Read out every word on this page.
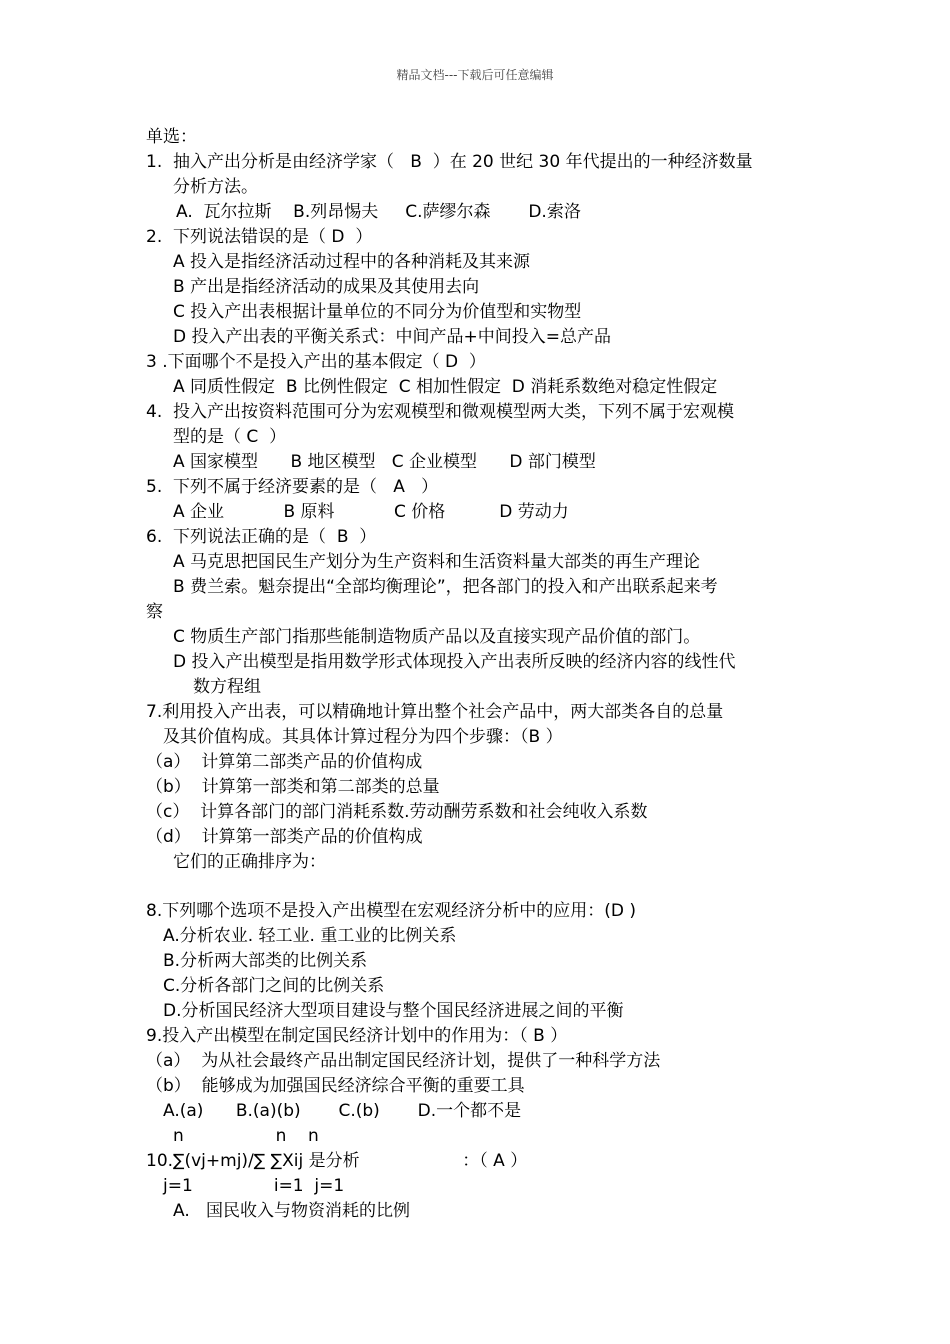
精品文档---下载后可任意编辑
单选：
1.  抽入产出分析是由经济学家（   B  ）在 20 世纪 30 年代提出的一种经济数量
分析方法。
A.  瓦尔拉斯    B.列昂惕夫     C.萨缪尔森       D.索洛
2.  下列说法错误的是（ D  ）
A 投入是指经济活动过程中的各种消耗及其来源
B 产出是指经济活动的成果及其使用去向
C 投入产出表根据计量单位的不同分为价值型和实物型
D 投入产出表的平衡关系式：中间产品+中间投入=总产品
3 .下面哪个不是投入产出的基本假定（ D  ）
A 同质性假定  B 比例性假定  C 相加性假定  D 消耗系数绝对稳定性假定
4.  投入产出按资料范围可分为宏观模型和微观模型两大类，下列不属于宏观模
型的是（ C  ）
A 国家模型      B 地区模型   C 企业模型      D 部门模型
5.  下列不属于经济要素的是（   A   ）
A 企业           B 原料           C 价格          D 劳动力
6.  下列说法正确的是（  B  ）
A 马克思把国民生产划分为生产资料和生活资料量大部类的再生产理论
B 费兰索。魁奈提出“全部均衡理论”，把各部门的投入和产出联系起来考
察
C 物质生产部门指那些能制造物质产品以及直接实现产品价值的部门。
D 投入产出模型是指用数学形式体现投入产出表所反映的经济内容的线性代
数方程组
7.利用投入产出表，可以精确地计算出整个社会产品中，两大部类各自的总量
及其价值构成。其具体计算过程分为四个步骤：（B ）
（a）  计算第二部类产品的价值构成
（b）  计算第一部类和第二部类的总量
（c）  计算各部门的部门消耗系数.劳动酬劳系数和社会纯收入系数
（d）  计算第一部类产品的价值构成
它们的正确排序为：
8.下列哪个选项不是投入产出模型在宏观经济分析中的应用：(D )
A.分析农业. 轻工业. 重工业的比例关系
B.分析两大部类的比例关系
C.分析各部门之间的比例关系
D.分析国民经济大型项目建设与整个国民经济进展之间的平衡
9.投入产出模型在制定国民经济计划中的作用为：（ B ）
（a）  为从社会最终产品出制定国民经济计划，提供了一种科学方法
（b）  能够成为加强国民经济综合平衡的重要工具
A.(a)      B.(a)(b)       C.(b)       D.一个都不是
n                 n    n
10.∑(vj+mj)/∑ ∑Xij 是分析                   ：（ A ）
j=1               i=1  j=1
A.   国民收入与物资消耗的比例
